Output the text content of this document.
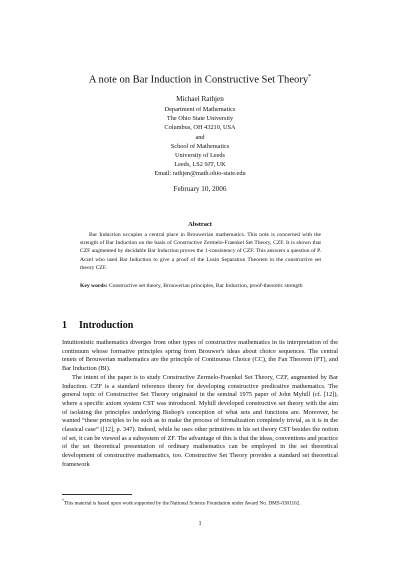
A note on Bar Induction in Constructive Set Theory*
Michael Rathjen
Department of Mathematics
The Ohio State University
Columbus, OH 43210, USA
and
School of Mathematics
University of Leeds
Leeds, LS2 9JT, UK
Email: rathjen@math.ohio-state.edu
February 10, 2006
Abstract

Bar Induction occupies a central place in Brouwerian mathematics. This note is concerned with the strength of Bar Induction on the basis of Constructive Zermelo-Fraenkel Set Theory, CZF. It is shown that CZF augmented by decidable Bar Induction proves the 1-consistency of CZF. This answers a question of P. Aczel who used Bar Induction to give a proof of the Lusin Separation Theorem in the constructive set theory CZF.

Key words: Constructive set theory, Brouwerian principles, Bar Induction, proof-theoretic strength
1 Introduction

Intuitionistic mathematics diverges from other types of constructive mathematics in its interpretation of the continuum whose formative principles spring from Brouwer's ideas about choice sequences. The central tenets of Brouwerian mathematics are the principle of Continuous Choice (CC), the Fan Theorem (FT), and Bar Induction (BI).

The intent of the paper is to study Constructive Zermelo-Fraenkel Set Theory, CZF, augmented by Bar Induction. CZF is a standard reference theory for developing constructive predicative mathematics. The general topic of Constructive Set Theory originated in the seminal 1975 paper of John Myhill (cf. [12]), where a specific axiom system CST was introduced. Myhill developed constructive set theory with the aim of isolating the principles underlying Bishop's conception of what sets and functions are. Moreover, he wanted “these principles to be such as to make the process of formalization completely trivial, as it is in the classical case” ([12], p. 347). Indeed, while he uses other primitives in his set theory CST besides the notion of set, it can be viewed as a subsystem of ZF. The advantage of this is that the ideas, conventions and practice of the set theoretical presentation of ordinary mathematics can be employed in the set theoretical development of constructive mathematics, too. Constructive Set Theory provides a standard set theoretical framework

*This material is based upon work supported by the National Science Foundation under Award No. DMS-0301162.
1
